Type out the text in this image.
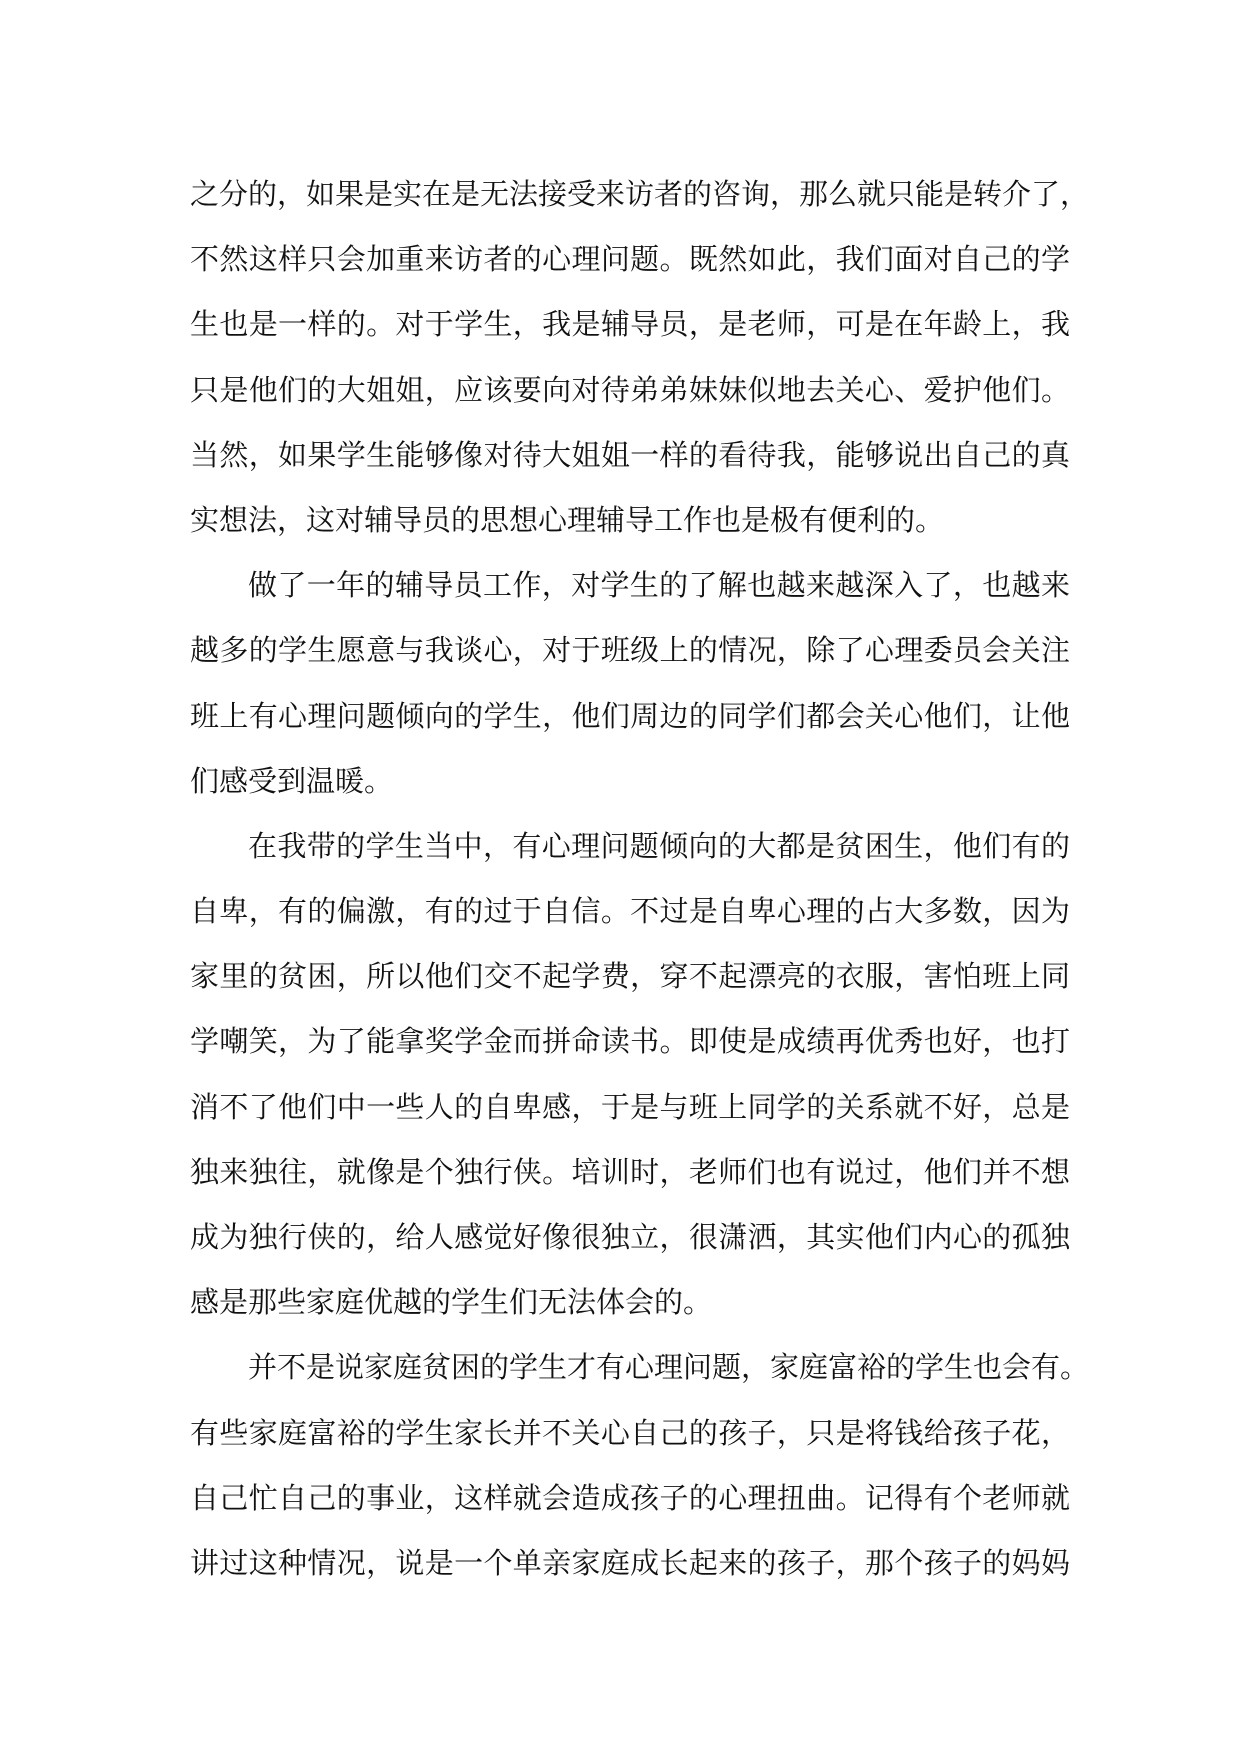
之分的，如果是实在是无法接受来访者的咨询，那么就只能是转介了，
不然这样只会加重来访者的心理问题。既然如此，我们面对自己的学
生也是一样的。对于学生，我是辅导员，是老师，可是在年龄上，我
只是他们的大姐姐，应该要向对待弟弟妹妹似地去关心、爱护他们。
当然，如果学生能够像对待大姐姐一样的看待我，能够说出自己的真
实想法，这对辅导员的思想心理辅导工作也是极有便利的。
做了一年的辅导员工作，对学生的了解也越来越深入了，也越来
越多的学生愿意与我谈心，对于班级上的情况，除了心理委员会关注
班上有心理问题倾向的学生，他们周边的同学们都会关心他们，让他
们感受到温暖。
在我带的学生当中，有心理问题倾向的大都是贫困生，他们有的
自卑，有的偏激，有的过于自信。不过是自卑心理的占大多数，因为
家里的贫困，所以他们交不起学费，穿不起漂亮的衣服，害怕班上同
学嘲笑，为了能拿奖学金而拼命读书。即使是成绩再优秀也好，也打
消不了他们中一些人的自卑感，于是与班上同学的关系就不好，总是
独来独往，就像是个独行侠。培训时，老师们也有说过，他们并不想
成为独行侠的，给人感觉好像很独立，很潇洒，其实他们内心的孤独
感是那些家庭优越的学生们无法体会的。
并不是说家庭贫困的学生才有心理问题，家庭富裕的学生也会有。
有些家庭富裕的学生家长并不关心自己的孩子，只是将钱给孩子花，
自己忙自己的事业，这样就会造成孩子的心理扭曲。记得有个老师就
讲过这种情况，说是一个单亲家庭成长起来的孩子，那个孩子的妈妈
